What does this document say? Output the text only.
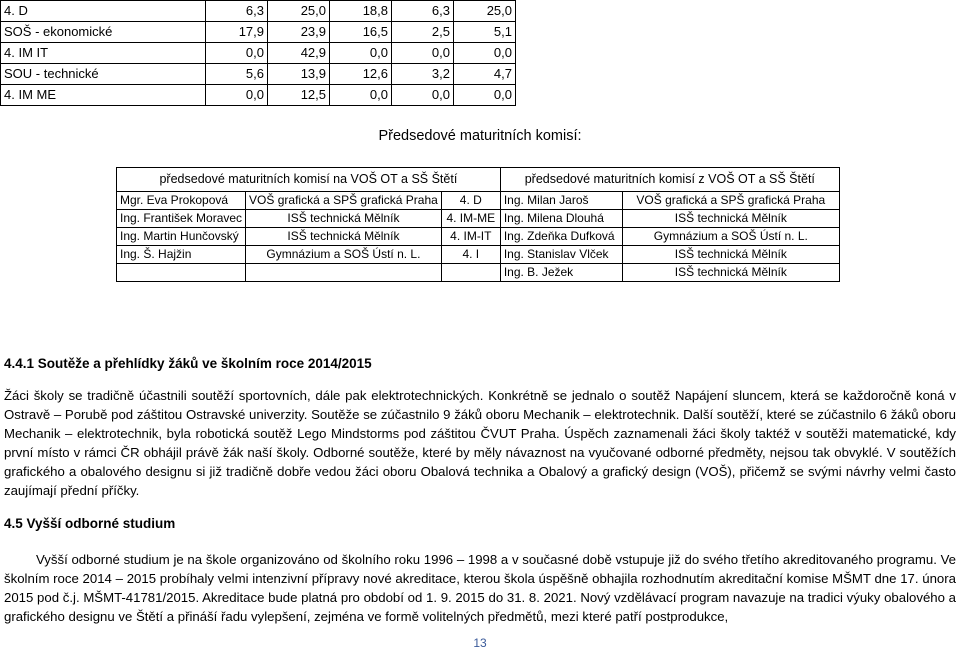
4. D	6,3	25,0	18,8	6,3	25,0
SOŠ - ekonomické	17,9	23,9	16,5	2,5	5,1
4. IM IT	0,0	42,9	0,0	0,0	0,0
SOU - technické	5,6	13,9	12,6	3,2	4,7
4. IM ME	0,0	12,5	0,0	0,0	0,0
Předsedové maturitních komisí:
předsedové maturitních komisí na VOŠ OT a SŠ Štětí			předsedové maturitních komisí z VOŠ OT a SŠ Štětí	
Mgr. Eva Prokopová	VOŠ grafická a SPŠ grafická Praha	4. D	Ing. Milan Jaroš	VOŠ grafická a SPŠ grafická Praha
Ing. František Moravec	ISŠ technická Mělník	4. IM-ME	Ing. Milena Dlouhá	ISŠ technická Mělník
Ing. Martin Hunčovský	ISŠ technická Mělník	4. IM-IT	Ing. Zdeňka Dufková	Gymnázium a SOŠ Ústí n. L.
Ing. Š. Hajžin	Gymnázium a SOŠ Ústí n. L.	4. I	Ing. Stanislav Vlček	ISŠ technická Mělník
			Ing. B. Ježek	ISŠ technická Mělník
4.4.1 Soutěže a přehlídky žáků ve školním roce 2014/2015
Žáci školy se tradičně účastnili soutěží sportovních, dále pak elektrotechnických. Konkrétně se jednalo o soutěž Napájení sluncem, která se každoročně koná v Ostravě – Porubě pod záštitou Ostravské univerzity. Soutěže se zúčastnilo 9 žáků oboru Mechanik – elektrotechnik. Další soutěží, které se zúčastnilo 6 žáků oboru Mechanik – elektrotechnik, byla robotická soutěž Lego Mindstorms pod záštitou ČVUT Praha. Úspěch zaznamenali žáci školy taktéž v soutěži matematické, kdy první místo v rámci ČR obhájil právě žák naší školy. Odborné soutěže, které by měly návaznost na vyučované odborné předměty, nejsou tak obvyklé. V soutěžích grafického a obalového designu si již tradičně dobře vedou žáci oboru Obalová technika a Obalový a grafický design (VOŠ), přičemž se svými návrhy velmi často zaujímají přední příčky.
4.5 Vyšší odborné studium
Vyšší odborné studium je na škole organizováno od školního roku 1996 – 1998 a v současné době vstupuje již do svého třetího akreditovaného programu. Ve školním roce 2014 – 2015 probíhaly velmi intenzivní přípravy nové akreditace, kterou škola úspěšně obhajila rozhodnutím akreditační komise MŠMT dne 17. února 2015 pod č.j. MŠMT-41781/2015. Akreditace bude platná pro období od 1. 9. 2015 do 31. 8. 2021. Nový vzdělávací program navazuje na tradici výuky obalového a grafického designu ve Štětí a přináší řadu vylepšení, zejména ve formě volitelných předmětů, mezi které patří postprodukce,
13
